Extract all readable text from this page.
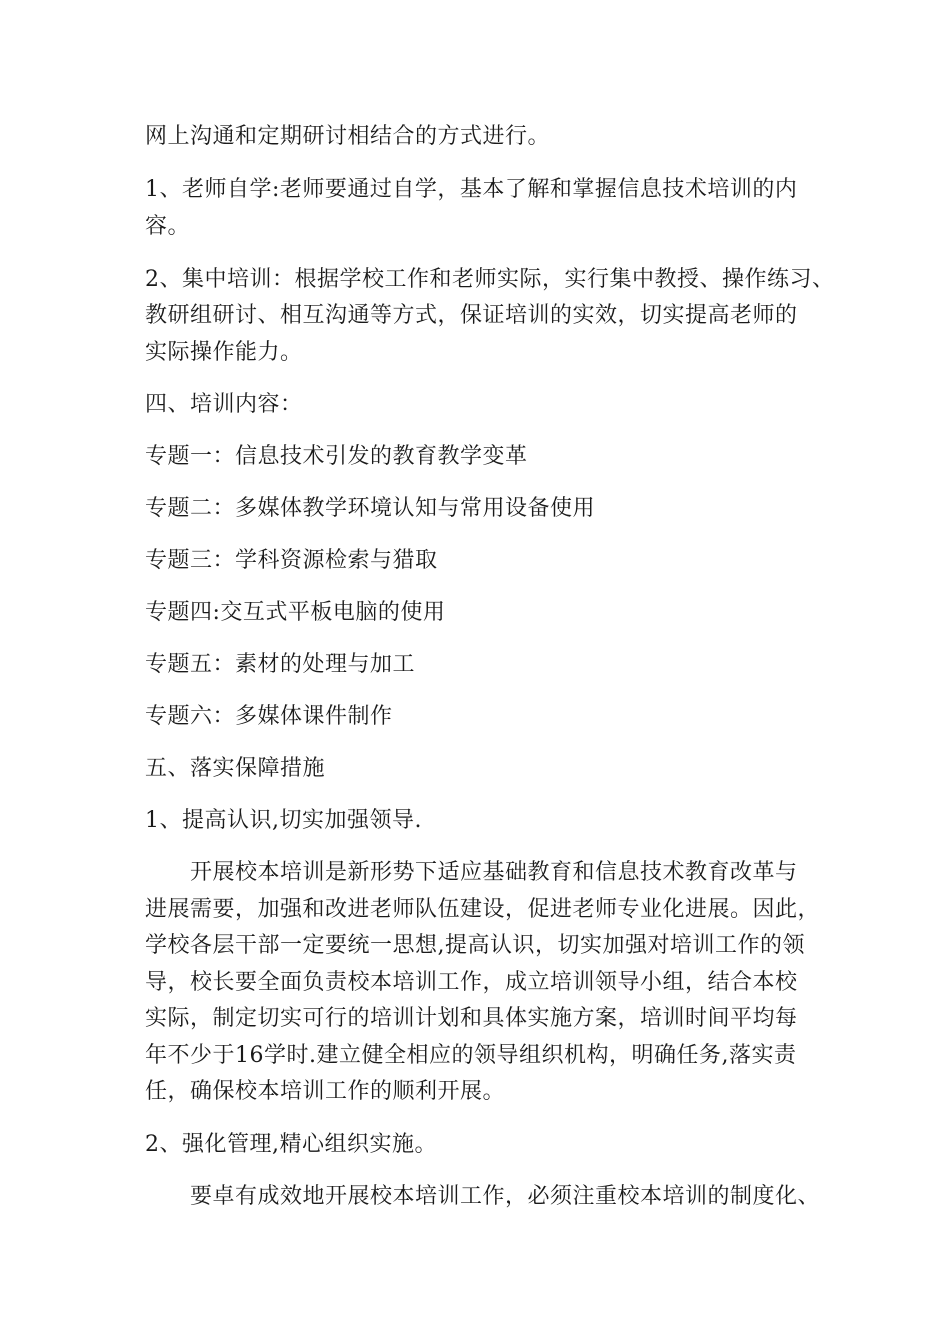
网上沟通和定期研讨相结合的方式进行。

1、老师自学:老师要通过自学，基本了解和掌握信息技术培训的内

容。

2、集中培训：根据学校工作和老师实际，实行集中教授、操作练习、

教研组研讨、相互沟通等方式，保证培训的实效，切实提高老师的

实际操作能力。

四、培训内容：

专题一：信息技术引发的教育教学变革

专题二：多媒体教学环境认知与常用设备使用

专题三：学科资源检索与猎取

专题四:交互式平板电脑的使用

专题五：素材的处理与加工

专题六：多媒体课件制作

五、落实保障措施

1、提高认识,切实加强领导.

开展校本培训是新形势下适应基础教育和信息技术教育改革与

进展需要，加强和改进老师队伍建设，促进老师专业化进展。因此，

学校各层干部一定要统一思想,提高认识，切实加强对培训工作的领

导，校长要全面负责校本培训工作，成立培训领导小组，结合本校

实际，制定切实可行的培训计划和具体实施方案，培训时间平均每

年不少于16学时.建立健全相应的领导组织机构，明确任务,落实责

任，确保校本培训工作的顺利开展。

2、强化管理,精心组织实施。

要卓有成效地开展校本培训工作，必须注重校本培训的制度化、
